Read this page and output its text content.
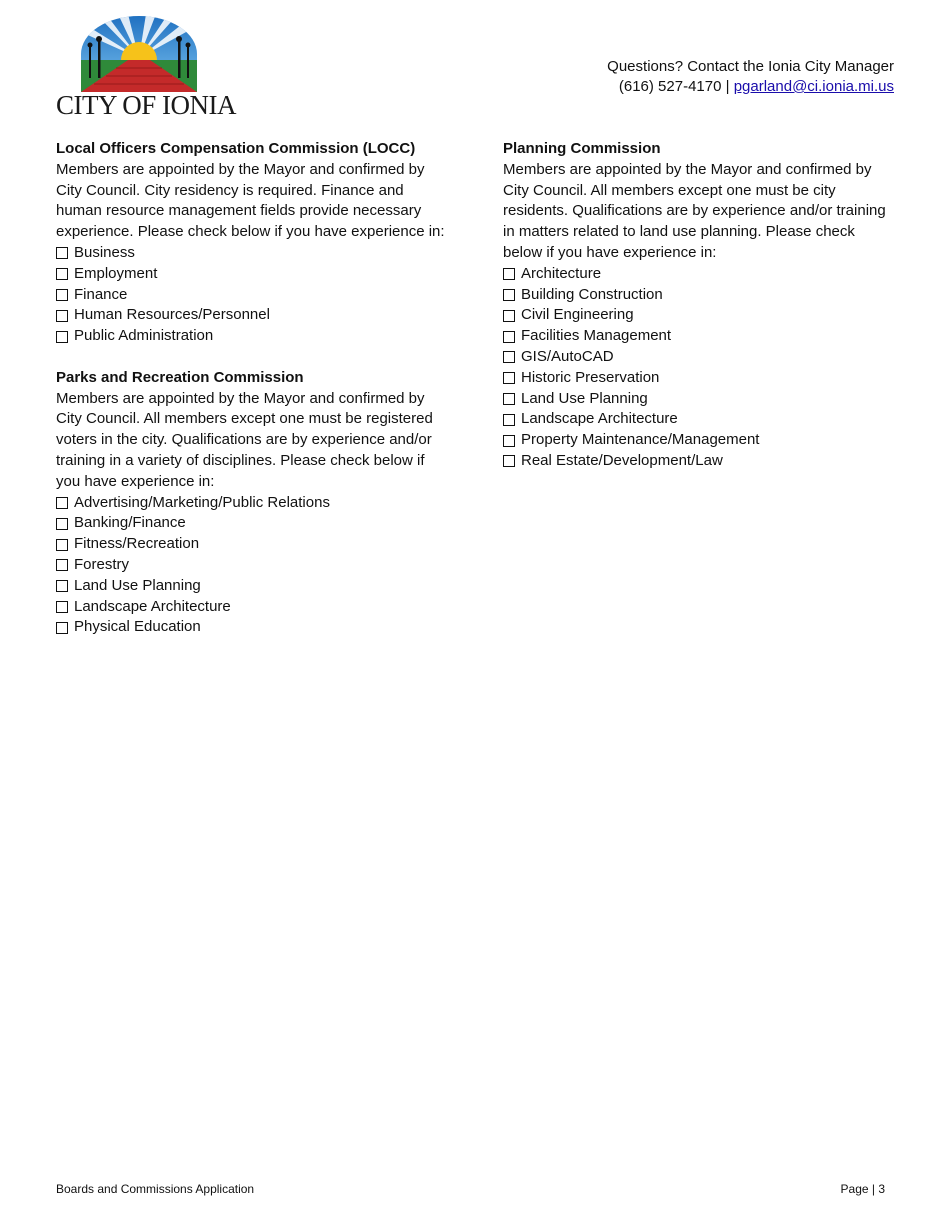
CITY OF IONIA
Questions? Contact the Ionia City Manager
(616) 527-4170 | pgarland@ci.ionia.mi.us
Local Officers Compensation Commission (LOCC)

Members are appointed by the Mayor and confirmed by City Council. City residency is required. Finance and human resource management fields provide necessary experience. Please check below if you have experience in:

Business
Employment
Finance
Human Resources/Personnel
Public Administration
Parks and Recreation Commission

Members are appointed by the Mayor and confirmed by City Council. All members except one must be registered voters in the city. Qualifications are by experience and/or training in a variety of disciplines. Please check below if you have experience in:

Advertising/Marketing/Public Relations
Banking/Finance
Fitness/Recreation
Forestry
Land Use Planning
Landscape Architecture
Physical Education
Planning Commission

Members are appointed by the Mayor and confirmed by City Council. All members except one must be city residents. Qualifications are by experience and/or training in matters related to land use planning. Please check below if you have experience in:

Architecture
Building Construction
Civil Engineering
Facilities Management
GIS/AutoCAD
Historic Preservation
Land Use Planning
Landscape Architecture
Property Maintenance/Management
Real Estate/Development/Law
Boards and Commissions Application	Page | 3
